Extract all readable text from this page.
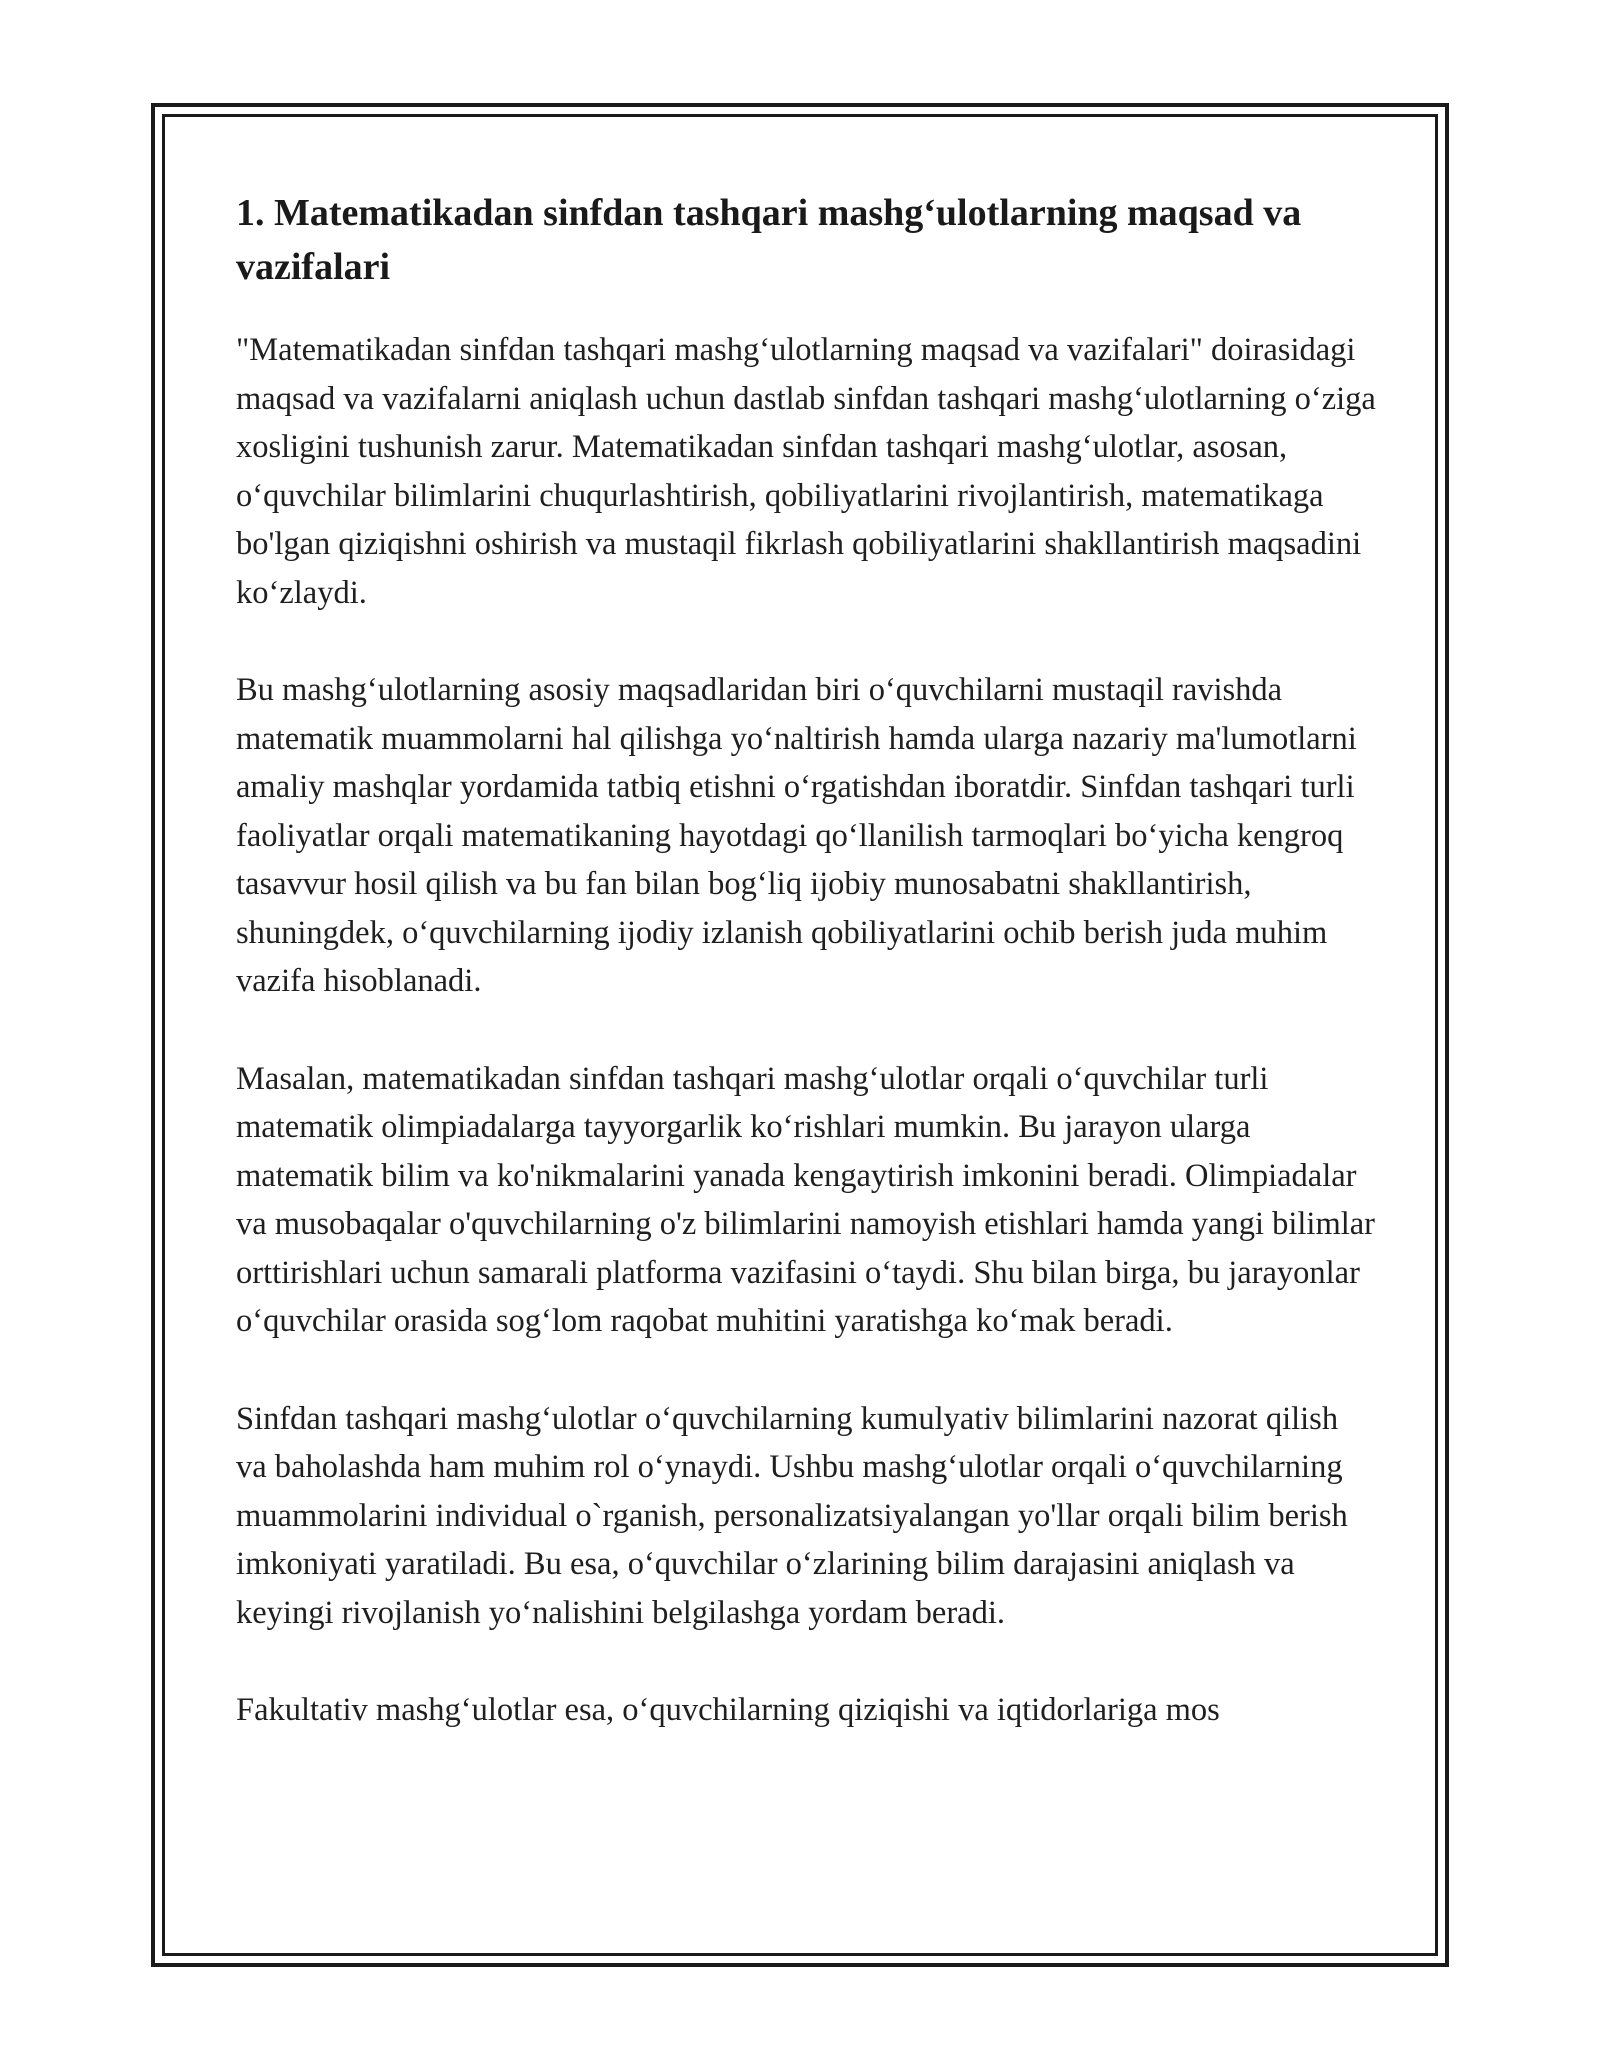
1. Matematikadan sinfdan tashqari mashg‘ulotlarning maqsad va vazifalari

"Matematikadan sinfdan tashqari mashg‘ulotlarning maqsad va vazifalari" doirasidagi maqsad va vazifalarni aniqlash uchun dastlab sinfdan tashqari mashg‘ulotlarning o‘ziga xosligini tushunish zarur. Matematikadan sinfdan tashqari mashg‘ulotlar, asosan, o‘quvchilar bilimlarini chuqurlashtirish, qobiliyatlarini rivojlantirish, matematikaga bo'lgan qiziqishni oshirish va mustaqil fikrlash qobiliyatlarini shakllantirish maqsadini ko‘zlaydi.

Bu mashg‘ulotlarning asosiy maqsadlaridan biri o‘quvchilarni mustaqil ravishda matematik muammolarni hal qilishga yo‘naltirish hamda ularga nazariy ma'lumotlarni amaliy mashqlar yordamida tatbiq etishni o‘rgatishdan iboratdir. Sinfdan tashqari turli faoliyatlar orqali matematikaning hayotdagi qo‘llanilish tarmoqlari bo‘yicha kengroq tasavvur hosil qilish va bu fan bilan bog‘liq ijobiy munosabatni shakllantirish, shuningdek, o‘quvchilarning ijodiy izlanish qobiliyatlarini ochib berish juda muhim vazifa hisoblanadi.

Masalan, matematikadan sinfdan tashqari mashg‘ulotlar orqali o‘quvchilar turli matematik olimpiadalarga tayyorgarlik ko‘rishlari mumkin. Bu jarayon ularga matematik bilim va ko'nikmalarini yanada kengaytirish imkonini beradi. Olimpiadalar va musobaqalar o'quvchilarning o'z bilimlarini namoyish etishlari hamda yangi bilimlar orttirishlari uchun samarali platforma vazifasini o‘taydi. Shu bilan birga, bu jarayonlar o‘quvchilar orasida sog‘lom raqobat muhitini yaratishga ko‘mak beradi.

Sinfdan tashqari mashg‘ulotlar o‘quvchilarning kumulyativ bilimlarini nazorat qilish va baholashda ham muhim rol o‘ynaydi. Ushbu mashg‘ulotlar orqali o‘quvchilarning muammolarini individual o`rganish, personalizatsiyalangan yo'llar orqali bilim berish imkoniyati yaratiladi. Bu esa, o‘quvchilar o‘zlarining bilim darajasini aniqlash va keyingi rivojlanish yo‘nalishini belgilashga yordam beradi.

Fakultativ mashg‘ulotlar esa, o‘quvchilarning qiziqishi va iqtidorlariga mos
